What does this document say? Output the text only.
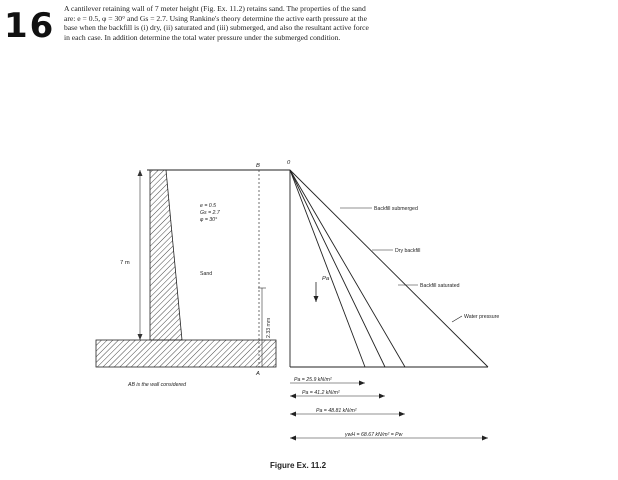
16 A cantilever retaining wall of 7 meter height (Fig. Ex. 11.2) retains sand. The properties of the sand
are: e = 0.5, φ = 30° and Gs = 2.7. Using Rankine's theory determine the active earth pressure at the
base when the backfill is (i) dry, (ii) saturated and (iii) submerged, and also the resultant active force
in each case. In addition determine the total water pressure under the submerged condition.
7 m
e = 0.5
Gs = 2.7
φ = 30°
Sand
B	0
A
2.33 mm
Pa
Backfill submerged
Dry backfill
Backfill saturated
Water pressure
AB is the wall considered
Pa = 25.9 kN/m²
Pa = 41.2 kN/m²
Pa = 48.81 kN/m²
γwH = 68.67 kN/m² = Pw
Figure Ex. 11.2
